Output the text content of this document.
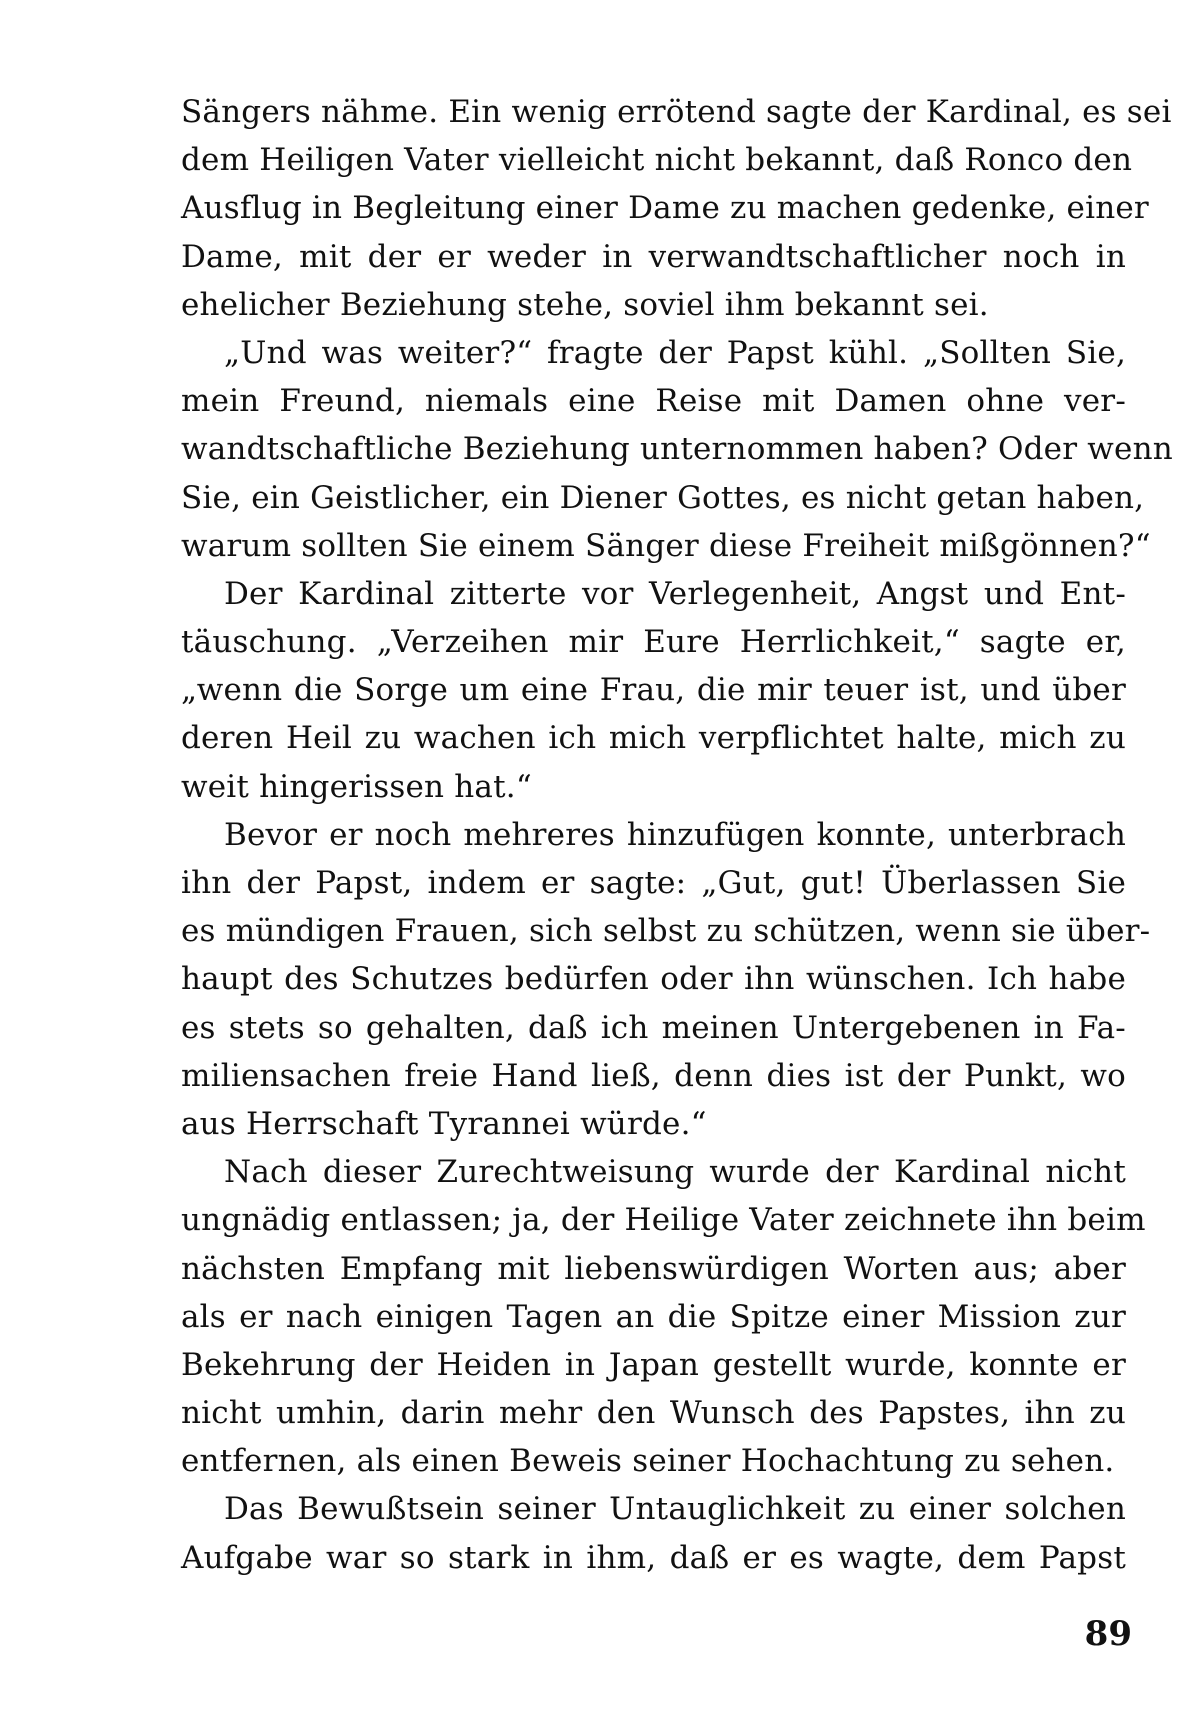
Sängers nähme. Ein wenig errötend sagte der Kardinal, es sei
dem Heiligen Vater vielleicht nicht bekannt, daß Ronco den
Ausflug in Begleitung einer Dame zu machen gedenke, einer
Dame, mit der er weder in verwandtschaftlicher noch in
ehelicher Beziehung stehe, soviel ihm bekannt sei.
„Und was weiter?“ fragte der Papst kühl. „Sollten Sie,
mein Freund, niemals eine Reise mit Damen ohne ver-
wandtschaftliche Beziehung unternommen haben? Oder wenn
Sie, ein Geistlicher, ein Diener Gottes, es nicht getan haben,
warum sollten Sie einem Sänger diese Freiheit mißgönnen?“
Der Kardinal zitterte vor Verlegenheit, Angst und Ent-
täuschung. „Verzeihen mir Eure Herrlichkeit,“ sagte er,
„wenn die Sorge um eine Frau, die mir teuer ist, und über
deren Heil zu wachen ich mich verpflichtet halte, mich zu
weit hingerissen hat.“
Bevor er noch mehreres hinzufügen konnte, unterbrach
ihn der Papst, indem er sagte: „Gut, gut! Überlassen Sie
es mündigen Frauen, sich selbst zu schützen, wenn sie über-
haupt des Schutzes bedürfen oder ihn wünschen. Ich habe
es stets so gehalten, daß ich meinen Untergebenen in Fa-
miliensachen freie Hand ließ, denn dies ist der Punkt, wo
aus Herrschaft Tyrannei würde.“
Nach dieser Zurechtweisung wurde der Kardinal nicht
ungnädig entlassen; ja, der Heilige Vater zeichnete ihn beim
nächsten Empfang mit liebenswürdigen Worten aus; aber
als er nach einigen Tagen an die Spitze einer Mission zur
Bekehrung der Heiden in Japan gestellt wurde, konnte er
nicht umhin, darin mehr den Wunsch des Papstes, ihn zu
entfernen, als einen Beweis seiner Hochachtung zu sehen.
Das Bewußtsein seiner Untauglichkeit zu einer solchen
Aufgabe war so stark in ihm, daß er es wagte, dem Papst
89
